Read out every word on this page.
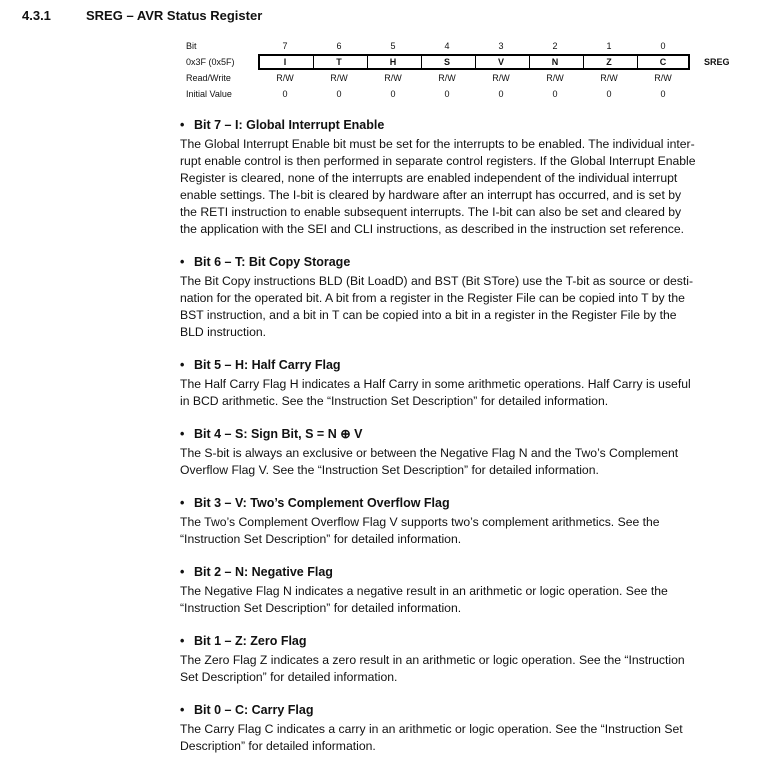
4.3.1	SREG – AVR Status Register
Bit	7	6	5	4	3	2	1	0
0x3F (0x5F)	I	T	H	S	V	N	Z	C	SREG
Read/Write	R/W	R/W	R/W	R/W	R/W	R/W	R/W	R/W
Initial Value	0	0	0	0	0	0	0	0
• Bit 7 – I: Global Interrupt Enable
The Global Interrupt Enable bit must be set for the interrupts to be enabled. The individual inter-
rupt enable control is then performed in separate control registers. If the Global Interrupt Enable
Register is cleared, none of the interrupts are enabled independent of the individual interrupt
enable settings. The I-bit is cleared by hardware after an interrupt has occurred, and is set by
the RETI instruction to enable subsequent interrupts. The I-bit can also be set and cleared by
the application with the SEI and CLI instructions, as described in the instruction set reference.
• Bit 6 – T: Bit Copy Storage
The Bit Copy instructions BLD (Bit LoadD) and BST (Bit STore) use the T-bit as source or desti-
nation for the operated bit. A bit from a register in the Register File can be copied into T by the
BST instruction, and a bit in T can be copied into a bit in a register in the Register File by the
BLD instruction.
• Bit 5 – H: Half Carry Flag
The Half Carry Flag H indicates a Half Carry in some arithmetic operations. Half Carry is useful
in BCD arithmetic. See the “Instruction Set Description” for detailed information.
• Bit 4 – S: Sign Bit, S = N ⊕ V
The S-bit is always an exclusive or between the Negative Flag N and the Two’s Complement
Overflow Flag V. See the “Instruction Set Description” for detailed information.
• Bit 3 – V: Two’s Complement Overflow Flag
The Two’s Complement Overflow Flag V supports two’s complement arithmetics. See the
“Instruction Set Description” for detailed information.
• Bit 2 – N: Negative Flag
The Negative Flag N indicates a negative result in an arithmetic or logic operation. See the
“Instruction Set Description” for detailed information.
• Bit 1 – Z: Zero Flag
The Zero Flag Z indicates a zero result in an arithmetic or logic operation. See the “Instruction
Set Description” for detailed information.
• Bit 0 – C: Carry Flag
The Carry Flag C indicates a carry in an arithmetic or logic operation. See the “Instruction Set
Description” for detailed information.
